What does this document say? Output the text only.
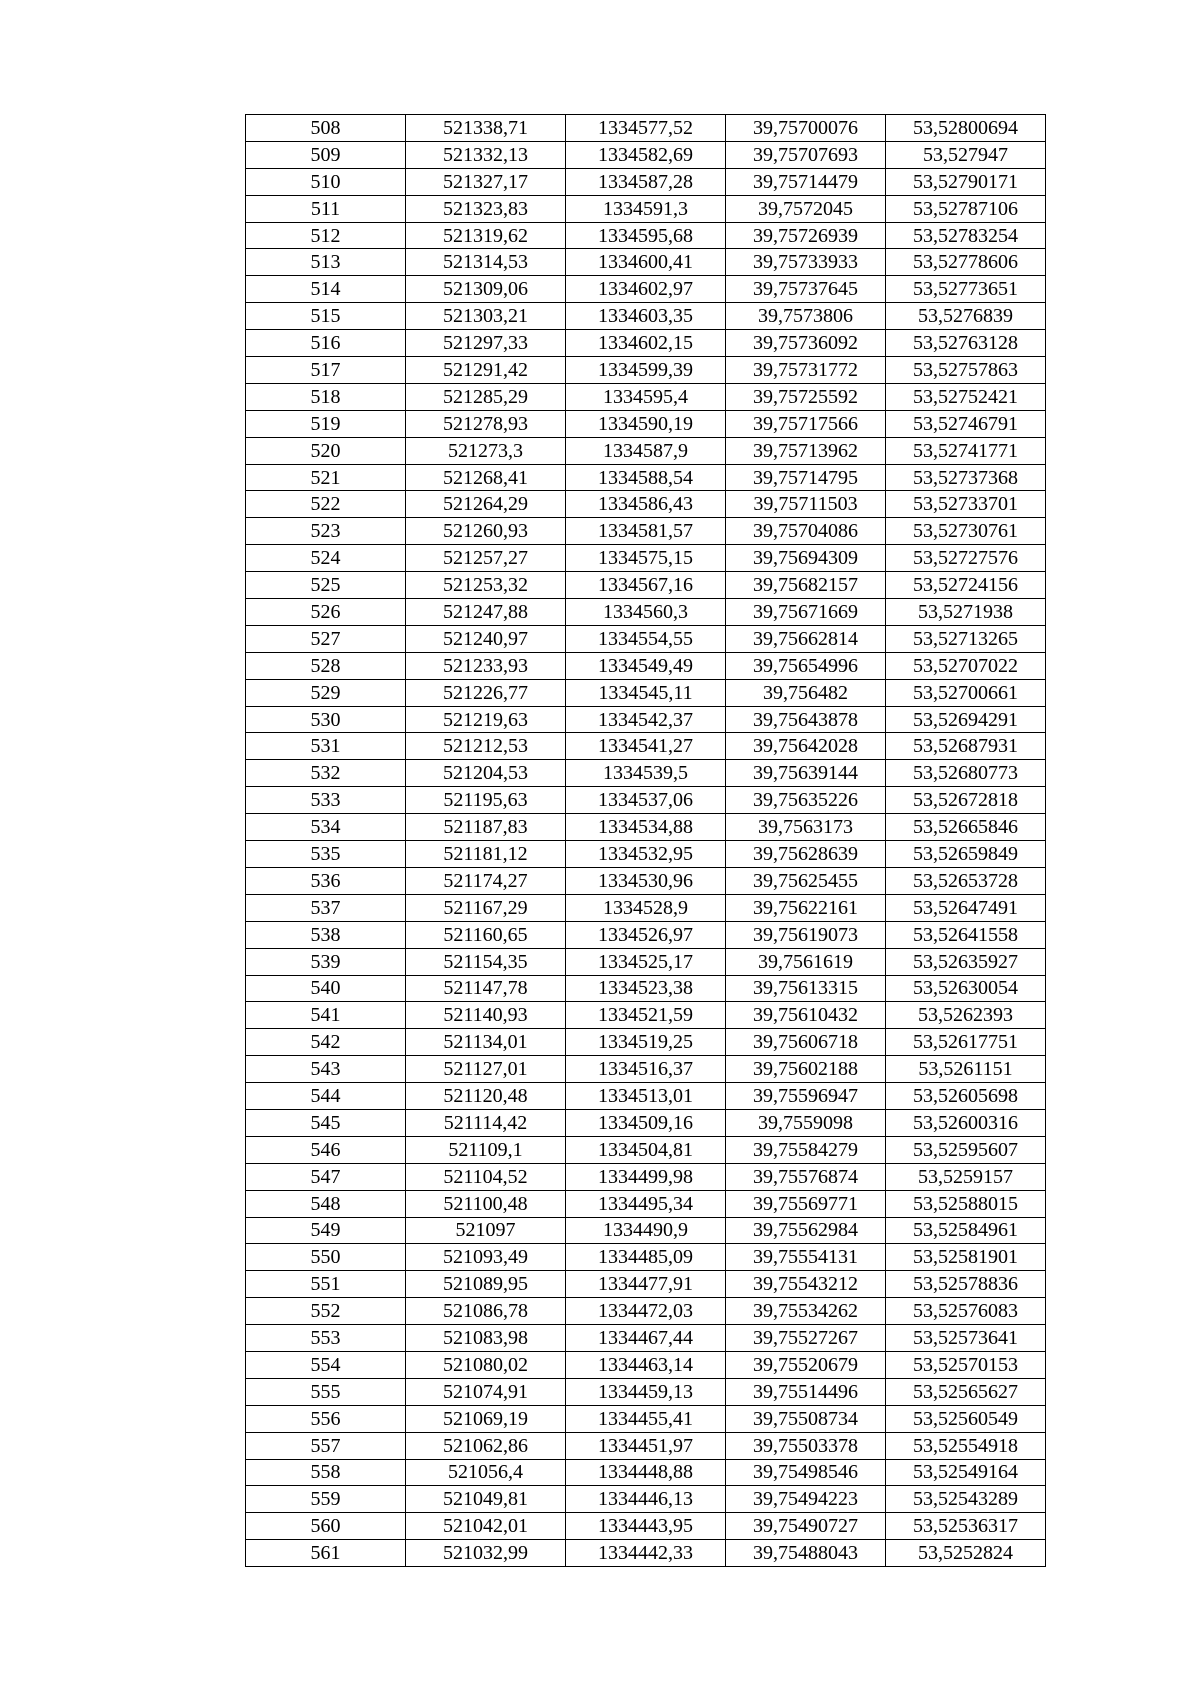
508	521338,71	1334577,52	39,75700076	53,52800694
509	521332,13	1334582,69	39,75707693	53,527947
510	521327,17	1334587,28	39,75714479	53,52790171
511	521323,83	1334591,3	39,7572045	53,52787106
512	521319,62	1334595,68	39,75726939	53,52783254
513	521314,53	1334600,41	39,75733933	53,52778606
514	521309,06	1334602,97	39,75737645	53,52773651
515	521303,21	1334603,35	39,7573806	53,5276839
516	521297,33	1334602,15	39,75736092	53,52763128
517	521291,42	1334599,39	39,75731772	53,52757863
518	521285,29	1334595,4	39,75725592	53,52752421
519	521278,93	1334590,19	39,75717566	53,52746791
520	521273,3	1334587,9	39,75713962	53,52741771
521	521268,41	1334588,54	39,75714795	53,52737368
522	521264,29	1334586,43	39,75711503	53,52733701
523	521260,93	1334581,57	39,75704086	53,52730761
524	521257,27	1334575,15	39,75694309	53,52727576
525	521253,32	1334567,16	39,75682157	53,52724156
526	521247,88	1334560,3	39,75671669	53,5271938
527	521240,97	1334554,55	39,75662814	53,52713265
528	521233,93	1334549,49	39,75654996	53,52707022
529	521226,77	1334545,11	39,756482	53,52700661
530	521219,63	1334542,37	39,75643878	53,52694291
531	521212,53	1334541,27	39,75642028	53,52687931
532	521204,53	1334539,5	39,75639144	53,52680773
533	521195,63	1334537,06	39,75635226	53,52672818
534	521187,83	1334534,88	39,7563173	53,52665846
535	521181,12	1334532,95	39,75628639	53,52659849
536	521174,27	1334530,96	39,75625455	53,52653728
537	521167,29	1334528,9	39,75622161	53,52647491
538	521160,65	1334526,97	39,75619073	53,52641558
539	521154,35	1334525,17	39,7561619	53,52635927
540	521147,78	1334523,38	39,75613315	53,52630054
541	521140,93	1334521,59	39,75610432	53,5262393
542	521134,01	1334519,25	39,75606718	53,52617751
543	521127,01	1334516,37	39,75602188	53,5261151
544	521120,48	1334513,01	39,75596947	53,52605698
545	521114,42	1334509,16	39,7559098	53,52600316
546	521109,1	1334504,81	39,75584279	53,52595607
547	521104,52	1334499,98	39,75576874	53,5259157
548	521100,48	1334495,34	39,75569771	53,52588015
549	521097	1334490,9	39,75562984	53,52584961
550	521093,49	1334485,09	39,75554131	53,52581901
551	521089,95	1334477,91	39,75543212	53,52578836
552	521086,78	1334472,03	39,75534262	53,52576083
553	521083,98	1334467,44	39,75527267	53,52573641
554	521080,02	1334463,14	39,75520679	53,52570153
555	521074,91	1334459,13	39,75514496	53,52565627
556	521069,19	1334455,41	39,75508734	53,52560549
557	521062,86	1334451,97	39,75503378	53,52554918
558	521056,4	1334448,88	39,75498546	53,52549164
559	521049,81	1334446,13	39,75494223	53,52543289
560	521042,01	1334443,95	39,75490727	53,52536317
561	521032,99	1334442,33	39,75488043	53,5252824
